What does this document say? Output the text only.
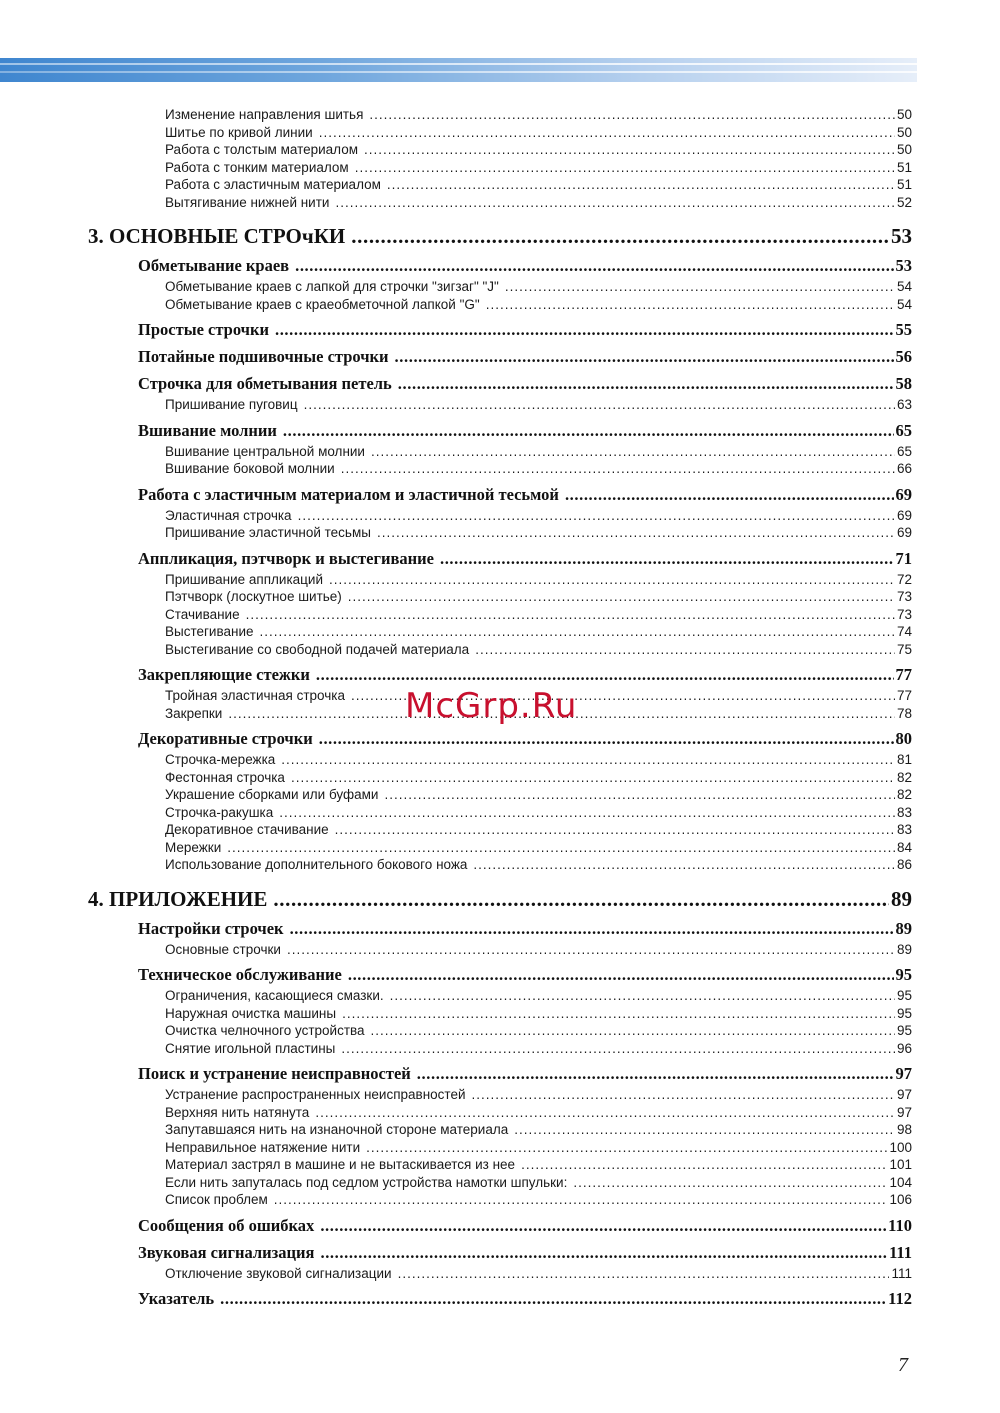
Изменение направления шитья .....	50
Шитье по кривой линии .....	50
Работа с толстым материалом .....	50
Работа с тонким материалом .....	51
Работа с эластичным материалом .....	51
Вытягивание нижней нити .....	52
3. ОСНОВНЫЕ СТРОчКИ .....	53
Обметывание краев .....	53
Обметывание краев с лапкой для строчки "зигзаг" "J" .....	54
Обметывание краев с краеобметочной лапкой "G" .....	54
Простые строчки .....	55
Потайные подшивочные строчки .....	56
Строчка для обметывания петель .....	58
Пришивание пуговиц .....	63
Вшивание молнии .....	65
Вшивание центральной молнии .....	65
Вшивание боковой молнии .....	66
Работа с эластичным материалом и эластичной тесьмой .....	69
Эластичная строчка .....	69
Пришивание эластичной тесьмы .....	69
Аппликация, пэтчворк и выстегивание .....	71
Пришивание аппликаций .....	72
Пэтчворк (лоскутное шитье) .....	73
Стачивание .....	73
Выстегивание .....	74
Выстегивание со свободной подачей материала .....	75
Закрепляющие стежки .....	77
Тройная эластичная строчка .....	77
Закрепки .....	78
Декоративные строчки .....	80
Строчка-мережка .....	81
Фестонная строчка .....	82
Украшение сборками или буфами .....	82
Строчка-ракушка .....	83
Декоративное стачивание .....	83
Мережки .....	84
Использование дополнительного бокового ножа .....	86
4. ПРИЛОЖЕНИЕ .....	89
Настройки строчек .....	89
Основные строчки .....	89
Техническое обслуживание .....	95
Ограничения, касающиеся смазки. .....	95
Наружная очистка машины .....	95
Очистка челночного устройства .....	95
Снятие игольной пластины .....	96
Поиск и устранение неисправностей .....	97
Устранение распространенных неисправностей .....	97
Верхняя нить натянута .....	97
Запутавшаяся нить на изнаночной стороне материала .....	98
Неправильное натяжение нити .....	100
Материал застрял в машине и не вытаскивается из нее .....	101
Если нить запуталась под седлом устройства намотки шпульки: .....	104
Список проблем .....	106
Сообщения об ошибках .....	110
Звуковая сигнализация .....	111
Отключение звуковой сигнализации .....	111
Указатель .....	112
McGrp.Ru
7
